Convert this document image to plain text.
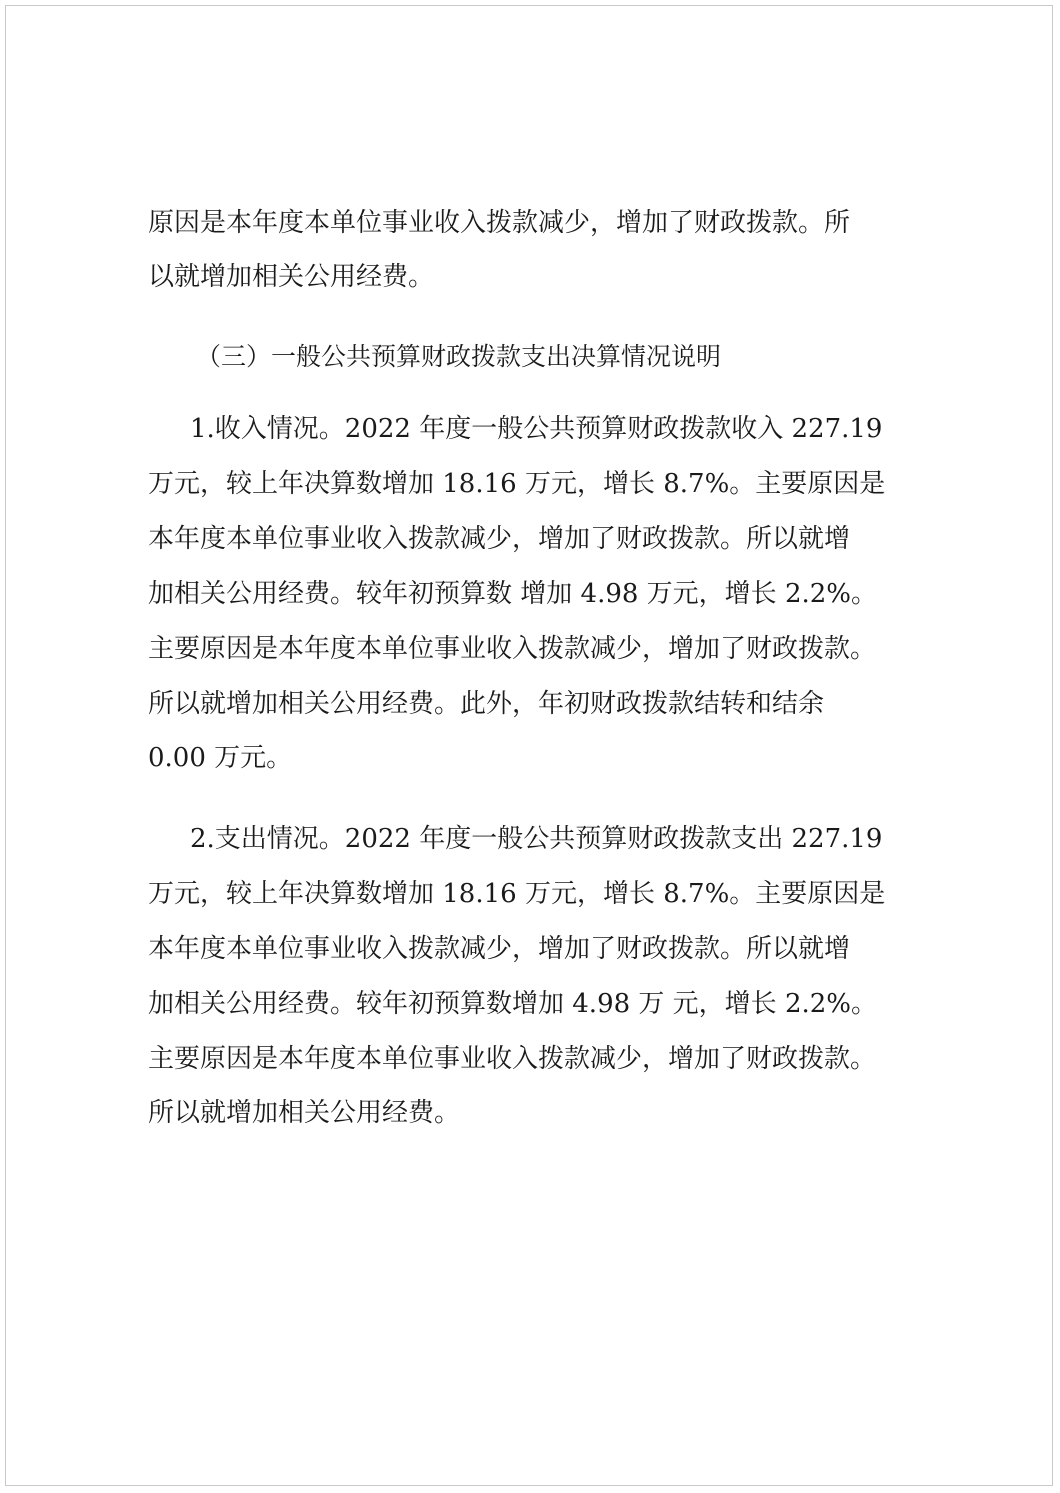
原因是本年度本单位事业收入拨款减少，增加了财政拨款。所
以就增加相关公用经费。
（三）一般公共预算财政拨款支出决算情况说明
1.收入情况。2022 年度一般公共预算财政拨款收入 227.19
万元，较上年决算数增加 18.16 万元，增长 8.7%。主要原因是
本年度本单位事业收入拨款减少，增加了财政拨款。所以就增
加相关公用经费。较年初预算数 增加 4.98 万元，增长 2.2%。
主要原因是本年度本单位事业收入拨款减少，增加了财政拨款。
所以就增加相关公用经费。此外，年初财政拨款结转和结余
0.00 万元。
2.支出情况。2022 年度一般公共预算财政拨款支出 227.19
万元，较上年决算数增加 18.16 万元，增长 8.7%。主要原因是
本年度本单位事业收入拨款减少，增加了财政拨款。所以就增
加相关公用经费。较年初预算数增加 4.98 万 元，增长 2.2%。
主要原因是本年度本单位事业收入拨款减少，增加了财政拨款。
所以就增加相关公用经费。
